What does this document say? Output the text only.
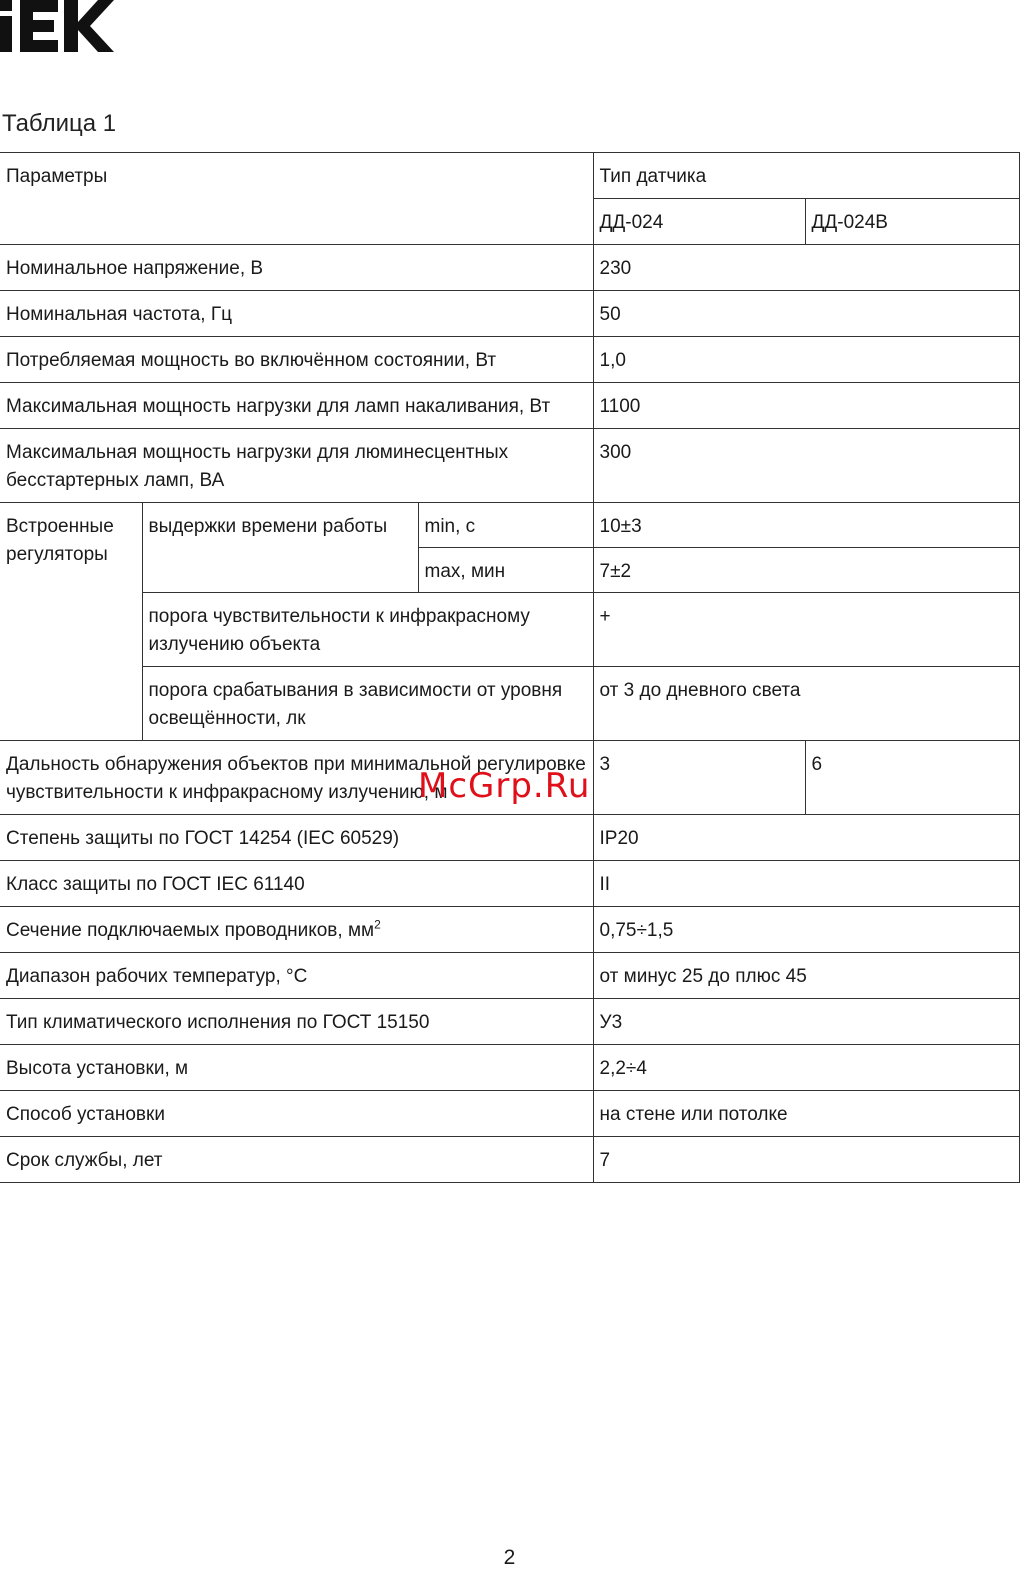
Таблица 1
Параметры			Тип датчика	
			ДД-024	ДД-024В
Номинальное напряжение, В			230	
Номинальная частота, Гц			50	
Потребляемая мощность во включённом состоянии, Вт			1,0	
Максимальная мощность нагрузки для ламп накаливания, Вт			1100	
Максимальная мощность нагрузки для люминесцентных бесстартерных ламп, ВА			300	
Встроенные регуляторы	выдержки времени работы	min, с	10±3	
		max, мин	7±2	
	порога чувствительности к инфракрасному излучению объекта		+	
	порога срабатывания в зависимости от уровня освещённости, лк		от 3 до дневного света	
Дальность обнаружения объектов при минимальной регулировке чувствительности к инфракрасному излучению, м			3	6
Степень защиты по ГОСТ 14254 (IEC 60529)			IP20	
Класс защиты по ГОСТ IEC 61140			II	
Сечение подключаемых проводников, $мм^2$			0,75÷1,5	
Диапазон рабочих температур, °С			от минус 25 до плюс 45	
Тип климатического исполнения по ГОСТ 15150			У3	
Высота установки, м			2,2÷4	
Способ установки			на стене или потолке	
Срок службы, лет			7	
McGrp.Ru
2
